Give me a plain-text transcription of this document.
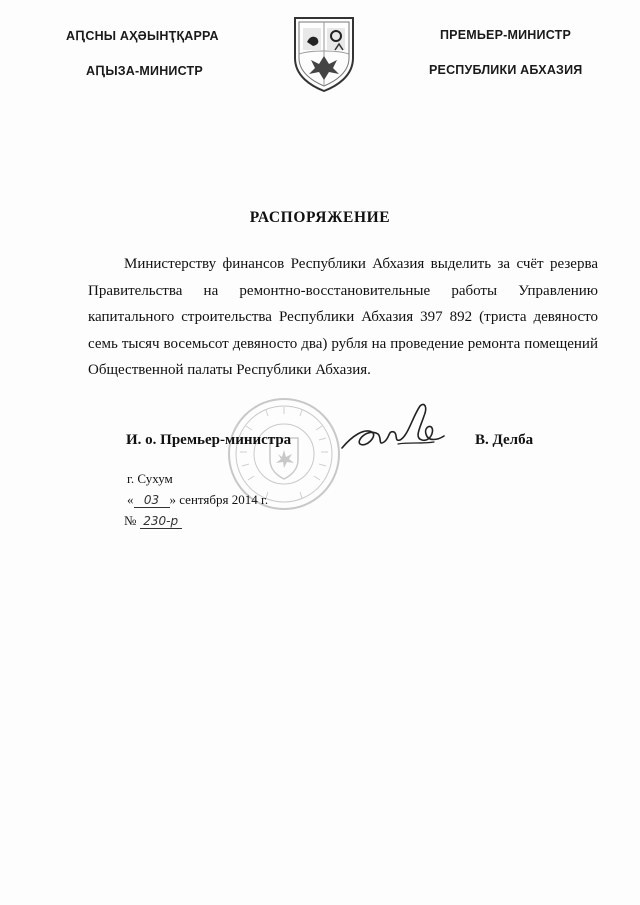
АԤСНЫ АҲӘЫНҬҚАРРА
АԤЫЗА-МИНИСТР
ПРЕМЬЕР-МИНИСТР
РЕСПУБЛИКИ АБХАЗИЯ
РАСПОРЯЖЕНИЕ
Министерству финансов Республики Абхазия выделить за счёт резерва Правительства на ремонтно-восстановительные работы Управлению капитального строительства Республики Абхазия 397 892 (триста девяносто семь тысяч восемьсот девяносто два) рубля на проведение ремонта помещений Общественной палаты Республики Абхазия.
И. о. Премьер-министра	В. Делба
г. Сухум
« 03 » сентября 2014 г.
№ 230-р
